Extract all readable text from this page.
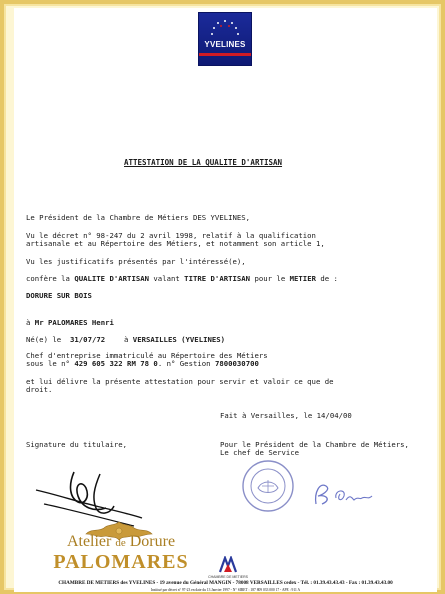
YVELINES
ATTESTATION DE LA QUALITE D'ARTISAN
Le Président de la Chambre de Métiers DES YVELINES,
Vu le décret n° 98-247 du 2 avril 1998, relatif à la qualification
artisanale et au Répertoire des Métiers, et notamment son article 1,
Vu les justificatifs présentés par l'intéressé(e),
confère la QUALITE D'ARTISAN valant TITRE D'ARTISAN pour le METIER de :
DORURE SUR BOIS
à Mr PALOMARES Henri
Né(e) le 31/07/72	à VERSAILLES (YVELINES)
Chef d'entreprise immatriculé au Répertoire des Métiers
sous le n° 429 605 322 RM 78 0. n° Gestion 7800030700
et lui délivre la présente attestation pour servir et valoir ce que de
droit.
Fait à Versailles, le 14/04/00
Signature du titulaire,	Pour le Président de la Chambre de Métiers,
Le chef de Service
Atelier de Dorure
PALOMARES
CHAMBRE DE METIERS
CHAMBRE DE METIERS des YVELINES - 19 avenue du Général MANGIN - 78008 VERSAILLES cedex - Tél. : 01.39.43.43.43 - Fax : 01.39.43.43.00
Institué par décret n° 97-23 en date du 13 Janvier 1997 - N° SIRET : 187 809 033 000 17 - APE : 911 A
